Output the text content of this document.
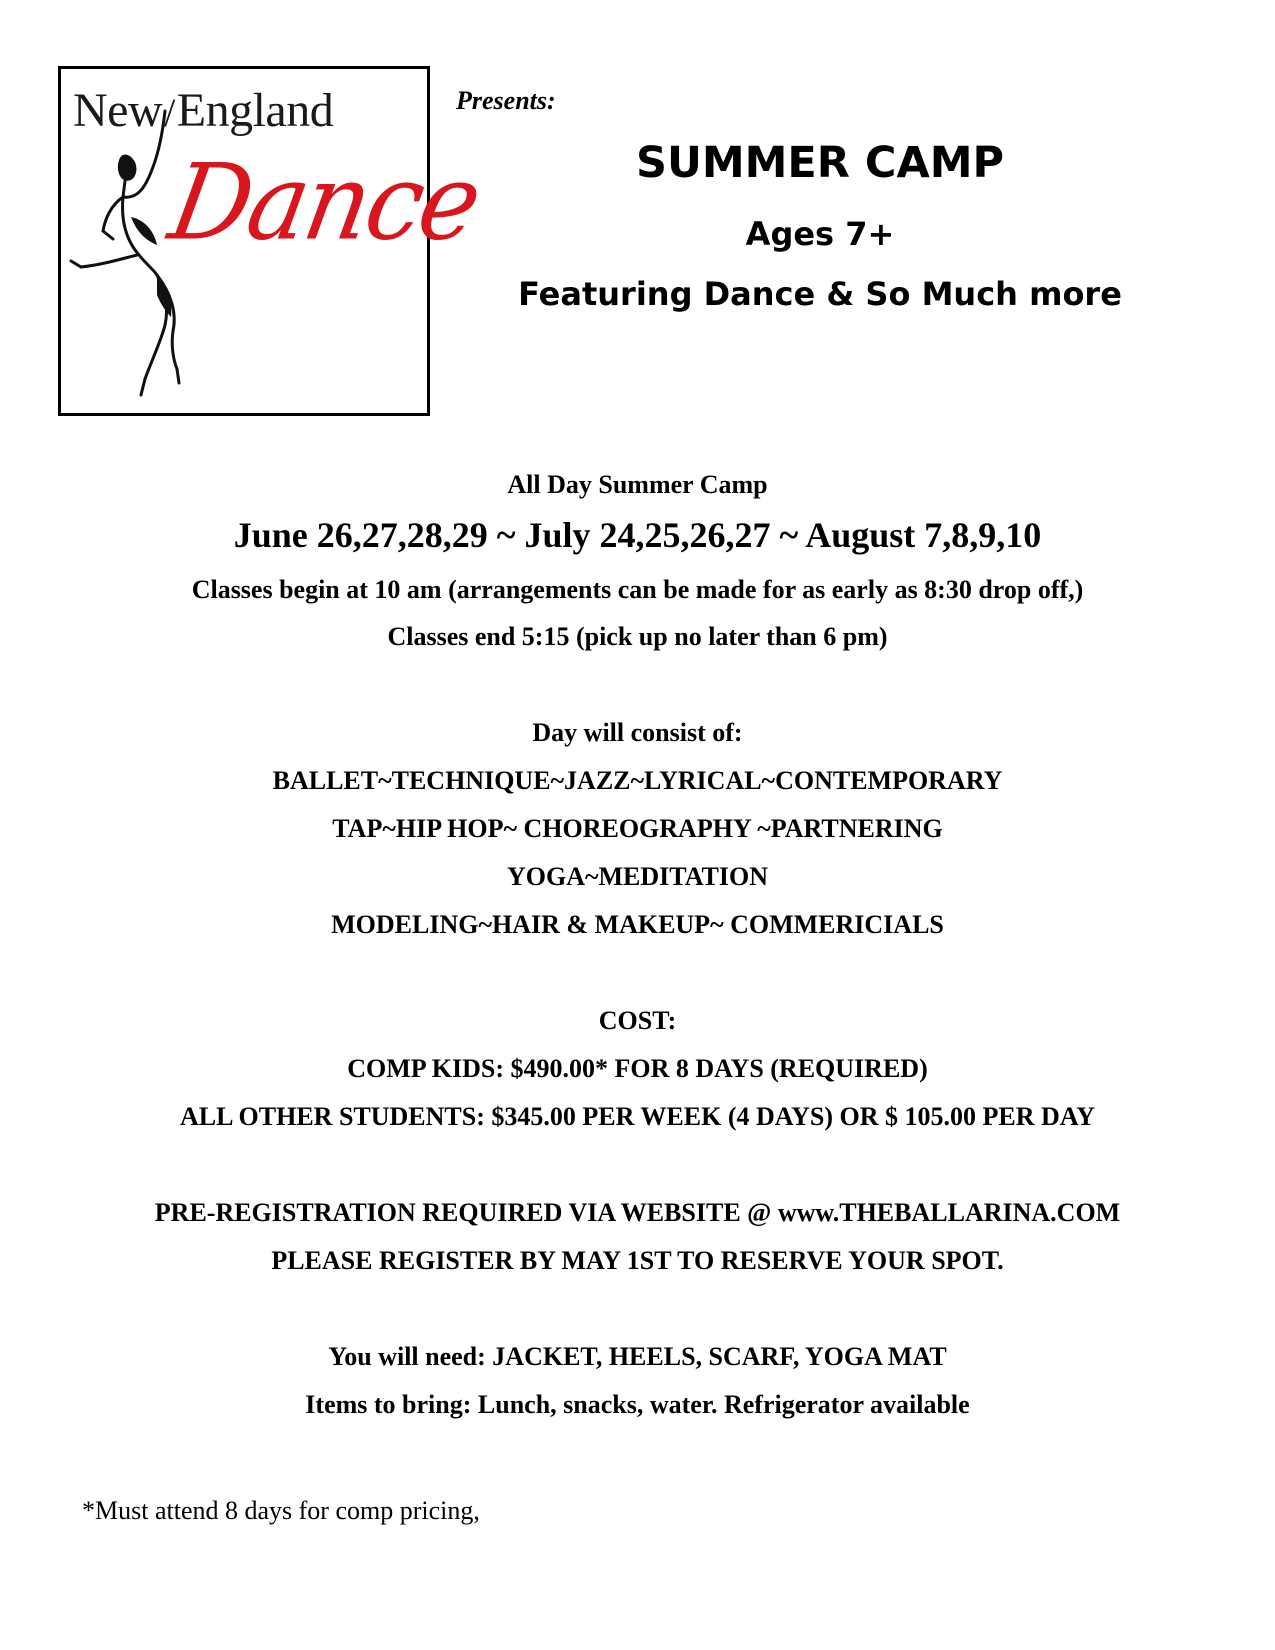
New/England
Dance
Presents:
SUMMER CAMP
Ages 7+
Featuring Dance & So Much more
All Day Summer Camp
June 26,27,28,29 ~ July 24,25,26,27 ~ August 7,8,9,10
Classes begin at 10 am (arrangements can be made for as early as 8:30 drop off,)
Classes end 5:15 (pick up no later than 6 pm)
Day will consist of:
BALLET~TECHNIQUE~JAZZ~LYRICAL~CONTEMPORARY
TAP~HIP HOP~ CHOREOGRAPHY ~PARTNERING
YOGA~MEDITATION
MODELING~HAIR & MAKEUP~ COMMERICIALS
COST:
COMP KIDS: $490.00* FOR 8 DAYS (REQUIRED)
ALL OTHER STUDENTS: $345.00 PER WEEK (4 DAYS) OR $ 105.00 PER DAY
PRE-REGISTRATION REQUIRED VIA WEBSITE @ www.THEBALLARINA.COM
PLEASE REGISTER BY MAY 1ST TO RESERVE YOUR SPOT.
You will need: JACKET, HEELS, SCARF, YOGA MAT
Items to bring: Lunch, snacks, water. Refrigerator available
*Must attend 8 days for comp pricing,
